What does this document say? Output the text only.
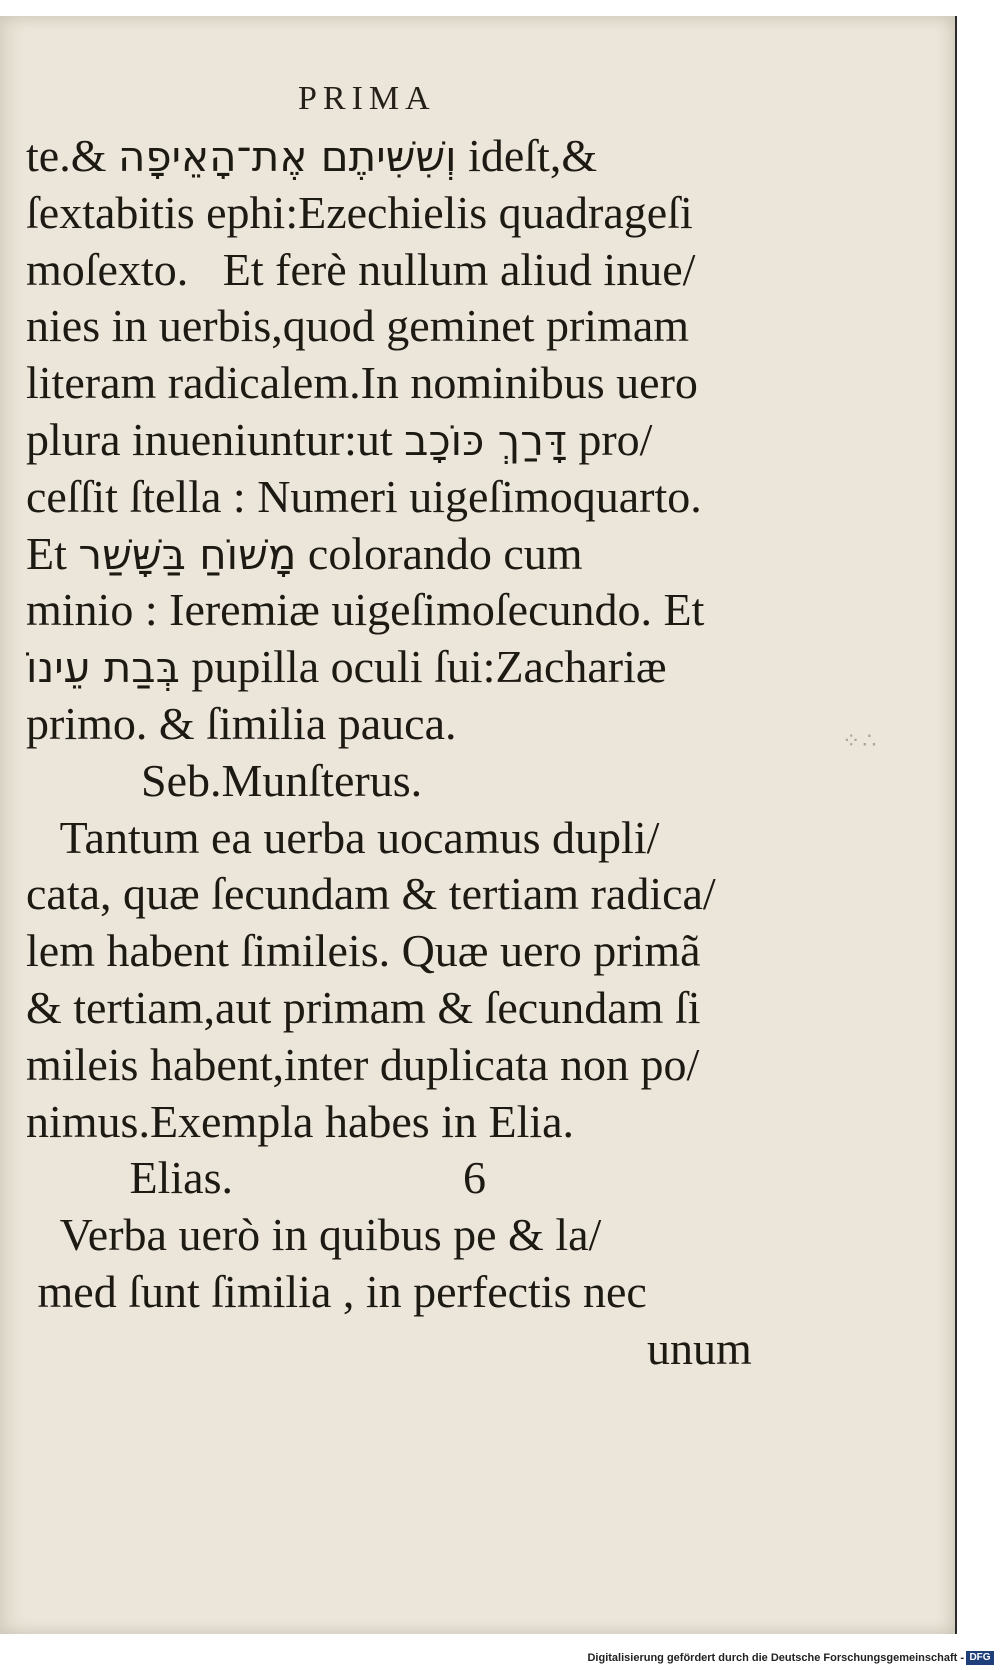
PRIMA
te.& וְשִׁשִּׁיתֶם אֶת־הָאֵיפָה ideſt,&
ſextabitis ephi:Ezechielis quadrageſi
moſexto.   Et ferè nullum aliud inue/
nies in uerbis,quod geminet primam
literam radicalem.In nominibus uero
plura inueniuntur:ut דָּרַךְ כּוֹכָב pro/
ceſſit ſtella : Numeri uigeſimoquarto.
Et מָשׁוֹחַ בַּשָּׁשַׁר colorando cum
minio : Ieremiæ uigeſimoſecundo. Et
בְּבַת עֵינוֹ pupilla oculi ſui:Zachariæ
primo. & ſimilia pauca.
Seb.Munſterus.
Tantum ea uerba uocamus dupli/
cata, quæ ſecundam & tertiam radica/
lem habent ſimileis. Quæ uero primã
& tertiam,aut primam & ſecundam ſi
mileis habent,inter duplicata non po/
nimus.Exempla habes in Elia.
Elias.                    6
Verba uerò in quibus pe & la/
med ſunt ſimilia , in perfectis nec
unum
⁘∴
Digitalisierung gefördert durch die Deutsche Forschungsgemeinschaft - DFG
